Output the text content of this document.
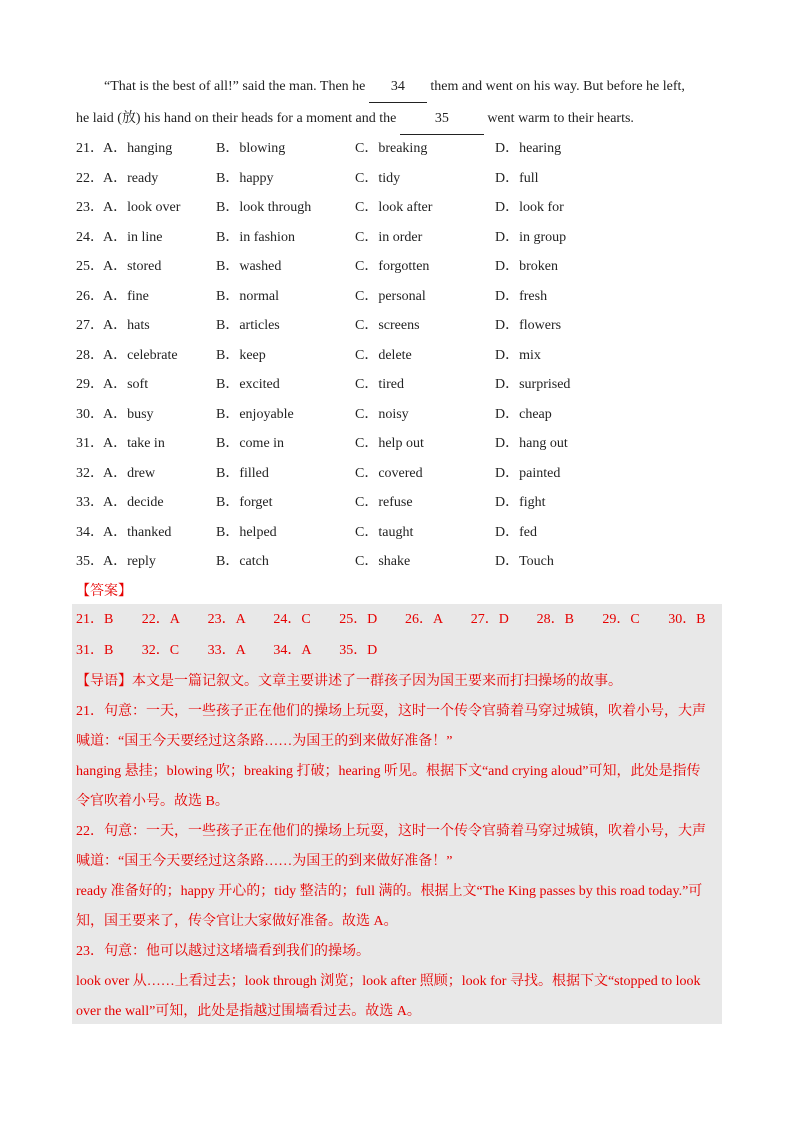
“That is the best of all!” said the man. Then he 34 them and went on his way. But before he left,
he laid (放) his hand on their heads for a moment and the	35	went warm to their hearts.
21． A．hanging	B．blowing	C．breaking	D．hearing
22． A．ready	B．happy	C．tidy	D．full
23． A．look over	B．look through	C．look after	D．look for
24． A．in line	B．in fashion	C．in order	D．in group
25． A．stored	B．washed	C．forgotten	D．broken
26． A．fine	B．normal	C．personal	D．fresh
27． A．hats	B．articles	C．screens	D．flowers
28． A．celebrate	B．keep	C．delete	D．mix
29． A．soft	B．excited	C．tired	D．surprised
30． A．busy	B．enjoyable	C．noisy	D．cheap
31． A．take in	B．come in	C．help out	D．hang out
32． A．drew	B．filled	C．covered	D．painted
33． A．decide	B．forget	C．refuse	D．fight
34． A．thanked	B．helped	C．taught	D．fed
35． A．reply	B．catch	C．shake	D．Touch
【答案】
21．B 22．A 23．A 24．C 25．D 26．A 27．D 28．B 29．C 30．B
31．B 32．C 33．A 34．A 35．D
【导语】本文是一篇记叙文。文章主要讲述了一群孩子因为国王要来而打扫操场的故事。
21．句意：一天，一些孩子正在他们的操场上玩耍，这时一个传令官骑着马穿过城镇，吹着小号，大声
喊道：“国王今天要经过这条路……为国王的到来做好准备！”
hanging 悬挂；blowing 吹；breaking 打破；hearing 听见。根据下文“and crying aloud”可知，此处是指传
令官吹着小号。故选 B。
22．句意：一天，一些孩子正在他们的操场上玩耍，这时一个传令官骑着马穿过城镇，吹着小号，大声
喊道：“国王今天要经过这条路……为国王的到来做好准备！”
ready 准备好的；happy 开心的；tidy 整洁的；full 满的。根据上文“The King passes by this road today.”可
知，国王要来了，传令官让大家做好准备。故选 A。
23．句意：他可以越过这堵墙看到我们的操场。
look over 从……上看过去；look through 浏览；look after 照顾；look for 寻找。根据下文“stopped to look
over the wall”可知，此处是指越过围墙看过去。故选 A。
